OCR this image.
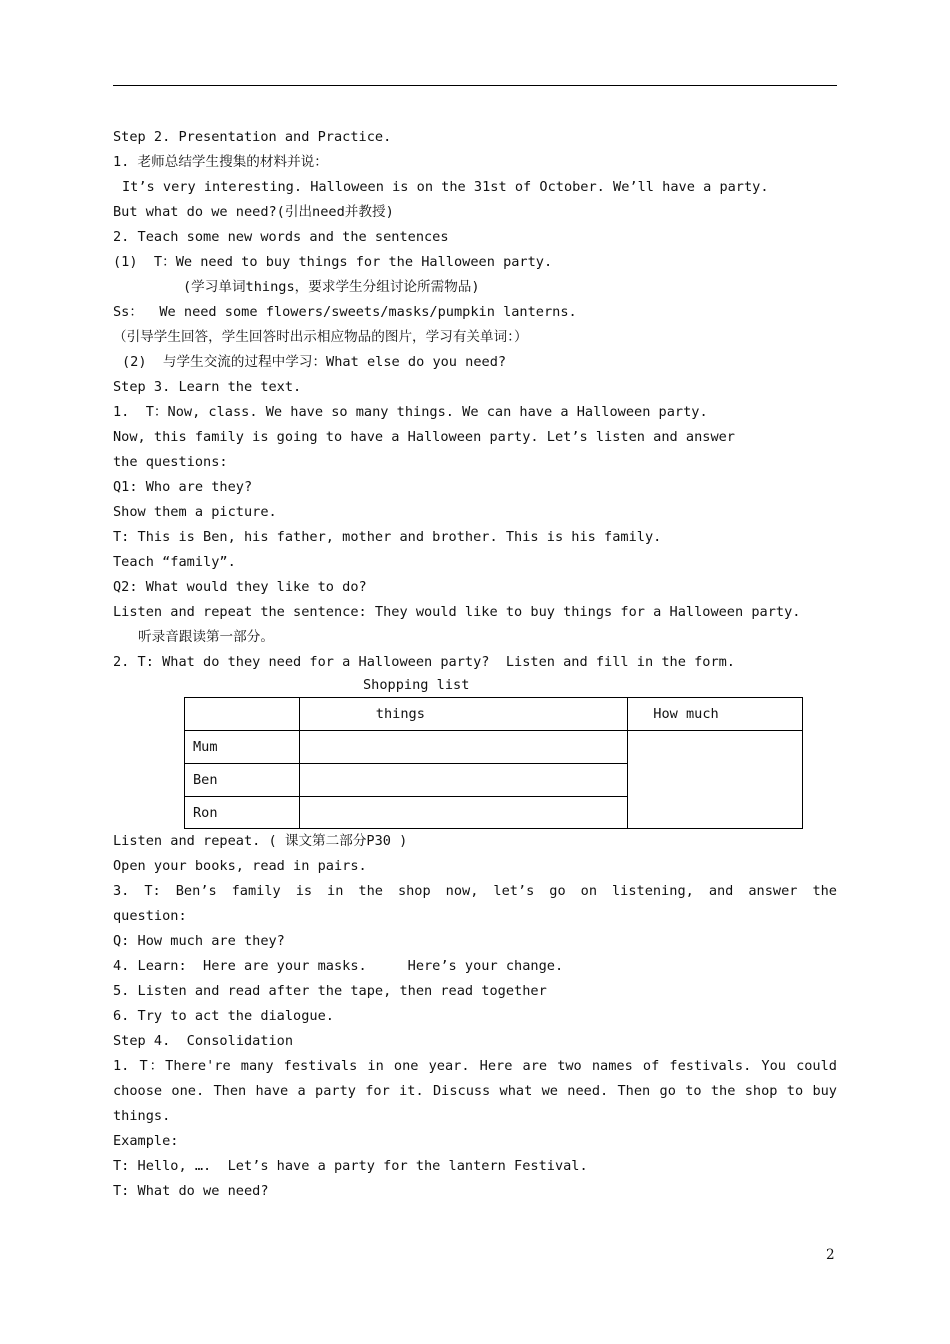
Step 2. Presentation and Practice.
1. 老师总结学生搜集的材料并说：
It’s very interesting. Halloween is on the 31st of October. We’ll have a party.
But what do we need?(引出need并教授)
2. Teach some new words and the sentences
(1)  T：We need to buy things for the Halloween party.
(学习单词things，要求学生分组讨论所需物品)
Ss：  We need some flowers/sweets/masks/pumpkin lanterns.
（引导学生回答，学生回答时出示相应物品的图片，学习有关单词：）
(2)  与学生交流的过程中学习：What else do you need?
Step 3. Learn the text.
1.  T：Now, class. We have so many things. We can have a Halloween party.
Now, this family is going to have a Halloween party. Let’s listen and answer
the questions:
Q1: Who are they?
Show them a picture.
T: This is Ben, his father, mother and brother. This is his family.
Teach “family”.
Q2: What would they like to do?
Listen and repeat the sentence: They would like to buy things for a Halloween party.
听录音跟读第一部分。
2. T: What do they need for a Halloween party?  Listen and fill in the form.
Shopping list
	things	How much
Mum		
Ben		
Ron		
Listen and repeat. ( 课文第二部分P30 )
Open your books, read in pairs.
3. T: Ben’s family is in the shop now, let’s go on listening, and answer the
question:
Q: How much are they?
4. Learn:  Here are your masks.     Here’s your change.
5. Listen and read after the tape, then read together
6. Try to act the dialogue.
Step 4.  Consolidation
1. T：There're many festivals in one year. Here are two names of festivals. You could
choose one. Then have a party for it. Discuss what we need. Then go to the shop to buy
things.
Example:
T: Hello, ….  Let’s have a party for the lantern Festival.
T: What do we need?
2
